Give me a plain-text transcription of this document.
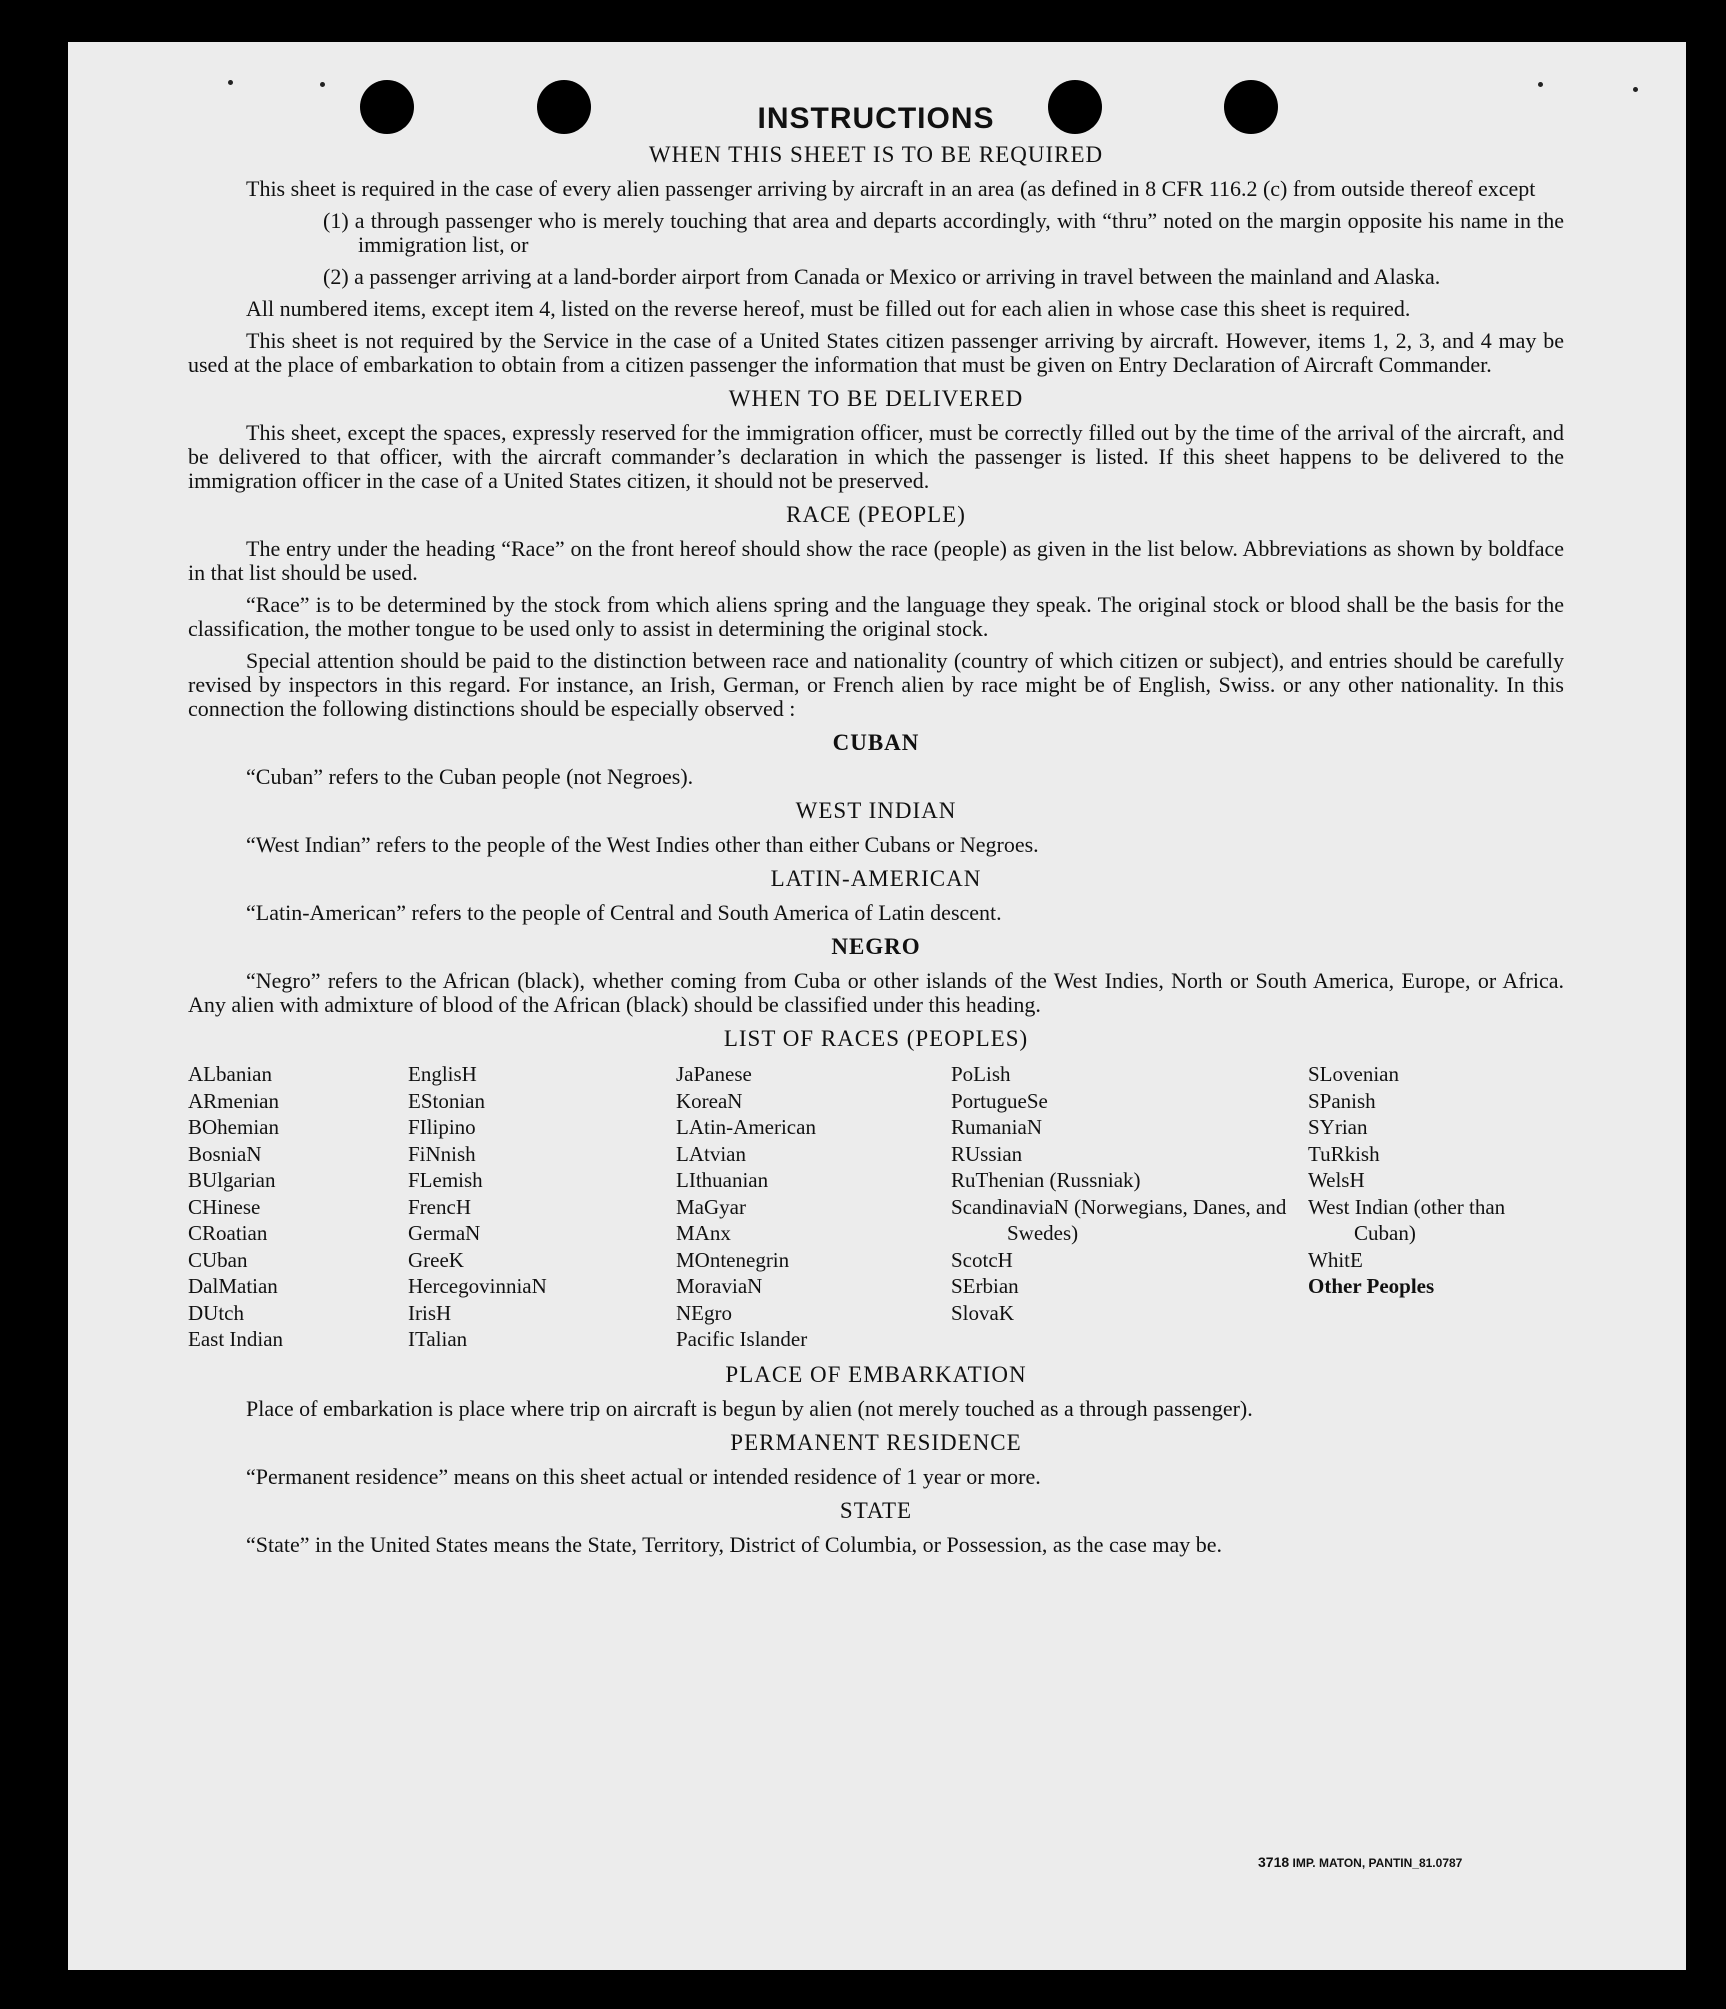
INSTRUCTIONS
WHEN THIS SHEET IS TO BE REQUIRED

This sheet is required in the case of every alien passenger arriving by aircraft in an area (as defined in 8 CFR 116.2 (c) from outside thereof except

(1) a through passenger who is merely touching that area and departs accordingly, with “thru” noted on the margin opposite his name in the immigration list, or

(2) a passenger arriving at a land-border airport from Canada or Mexico or arriving in travel between the mainland and Alaska.

All numbered items, except item 4, listed on the reverse hereof, must be filled out for each alien in whose case this sheet is required.

This sheet is not required by the Service in the case of a United States citizen passenger arriving by aircraft. However, items 1, 2, 3, and 4 may be used at the place of embarkation to obtain from a citizen passenger the information that must be given on Entry Declaration of Aircraft Commander.

WHEN TO BE DELIVERED

This sheet, except the spaces, expressly reserved for the immigration officer, must be correctly filled out by the time of the arrival of the aircraft, and be delivered to that officer, with the aircraft commander’s declaration in which the passenger is listed. If this sheet happens to be delivered to the immigration officer in the case of a United States citizen, it should not be preserved.

RACE (PEOPLE)

The entry under the heading “Race” on the front hereof should show the race (people) as given in the list below. Abbreviations as shown by boldface in that list should be used.

“Race” is to be determined by the stock from which aliens spring and the language they speak. The original stock or blood shall be the basis for the classification, the mother tongue to be used only to assist in determining the original stock.

Special attention should be paid to the distinction between race and nationality (country of which citizen or subject), and entries should be carefully revised by inspectors in this regard. For instance, an Irish, German, or French alien by race might be of English, Swiss. or any other nationality. In this connection the following distinctions should be especially observed :

CUBAN

“Cuban” refers to the Cuban people (not Negroes).

WEST INDIAN

“West Indian” refers to the people of the West Indies other than either Cubans or Negroes.

LATIN-AMERICAN

“Latin-American” refers to the people of Central and South America of Latin descent.

NEGRO

“Negro” refers to the African (black), whether coming from Cuba or other islands of the West Indies, North or South America, Europe, or Africa. Any alien with admixture of blood of the African (black) should be classified under this heading.

LIST OF RACES (PEOPLES)
ALbanian
ARmenian
BOhemian
BosniaN
BUlgarian
CHinese
CRoatian
CUban
DalMatian
DUtch
East Indian
EnglisH
EStonian
FIlipino
FiNnish
FLemish
FrencH
GermaN
GreeK
HercegovinniaN
IrisH
ITalian
JaPanese
KoreaN
LAtin-American
LAtvian
LIthuanian
MaGyar
MAnx
MOntenegrin
MoraviaN
NEgro
Pacific Islander
PoLish
PortugueSe
RumaniaN
RUssian
RuThenian (Russniak)
ScandinaviaN (Norwegians, Danes, and Swedes)
ScotcH
SErbian
SlovaK
SLovenian
SPanish
SYrian
TuRkish
WelsH
West Indian (other than Cuban)
WhitE
Other Peoples
PLACE OF EMBARKATION

Place of embarkation is place where trip on aircraft is begun by alien (not merely touched as a through passenger).

PERMANENT RESIDENCE

“Permanent residence” means on this sheet actual or intended residence of 1 year or more.

STATE

“State” in the United States means the State, Territory, District of Columbia, or Possession, as the case may be.

3718 IMP. MATON, PANTIN_81.0787
